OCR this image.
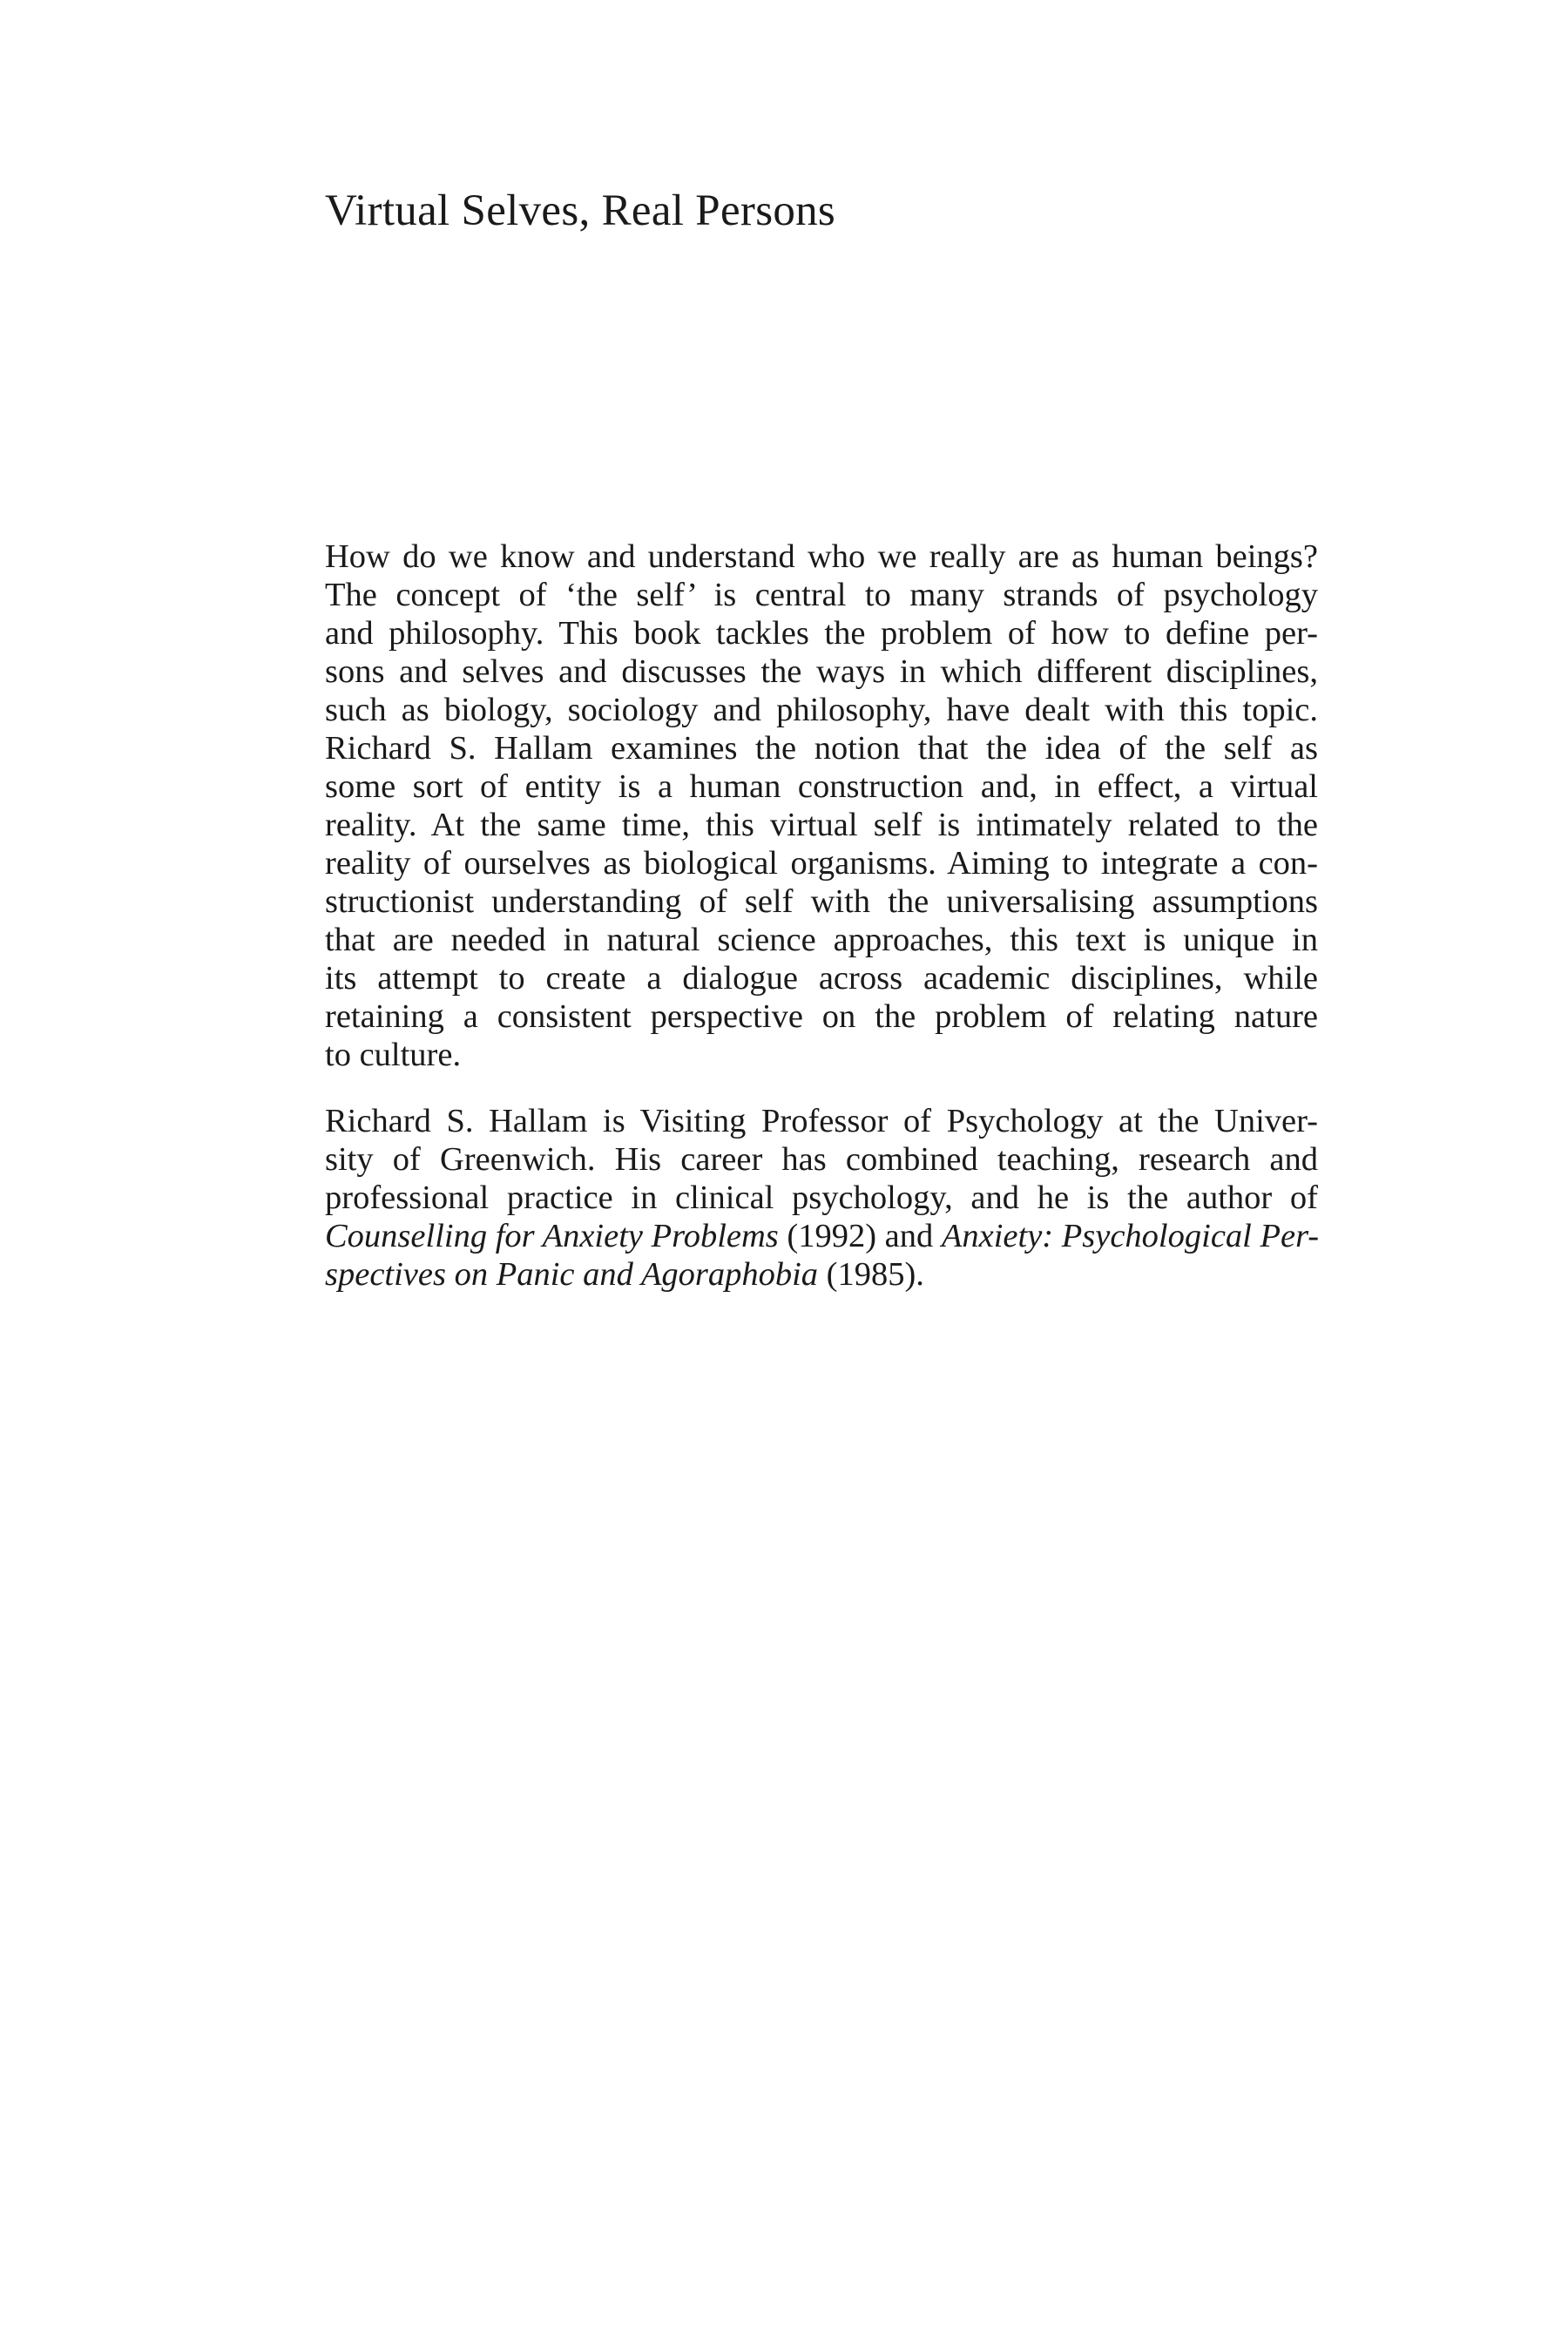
Virtual Selves, Real Persons
How do we know and understand who we really are as human beings?
The concept of ‘the self’ is central to many strands of psychology
and philosophy. This book tackles the problem of how to define per-
sons and selves and discusses the ways in which different disciplines,
such as biology, sociology and philosophy, have dealt with this topic.
Richard S. Hallam examines the notion that the idea of the self as
some sort of entity is a human construction and, in effect, a virtual
reality. At the same time, this virtual self is intimately related to the
reality of ourselves as biological organisms. Aiming to integrate a con-
structionist understanding of self with the universalising assumptions
that are needed in natural science approaches, this text is unique in
its attempt to create a dialogue across academic disciplines, while
retaining a consistent perspective on the problem of relating nature
to culture.
Richard S. Hallam is Visiting Professor of Psychology at the Univer-
sity of Greenwich. His career has combined teaching, research and
professional practice in clinical psychology, and he is the author of
Counselling for Anxiety Problems (1992) and Anxiety: Psychological Per-
spectives on Panic and Agoraphobia (1985).
